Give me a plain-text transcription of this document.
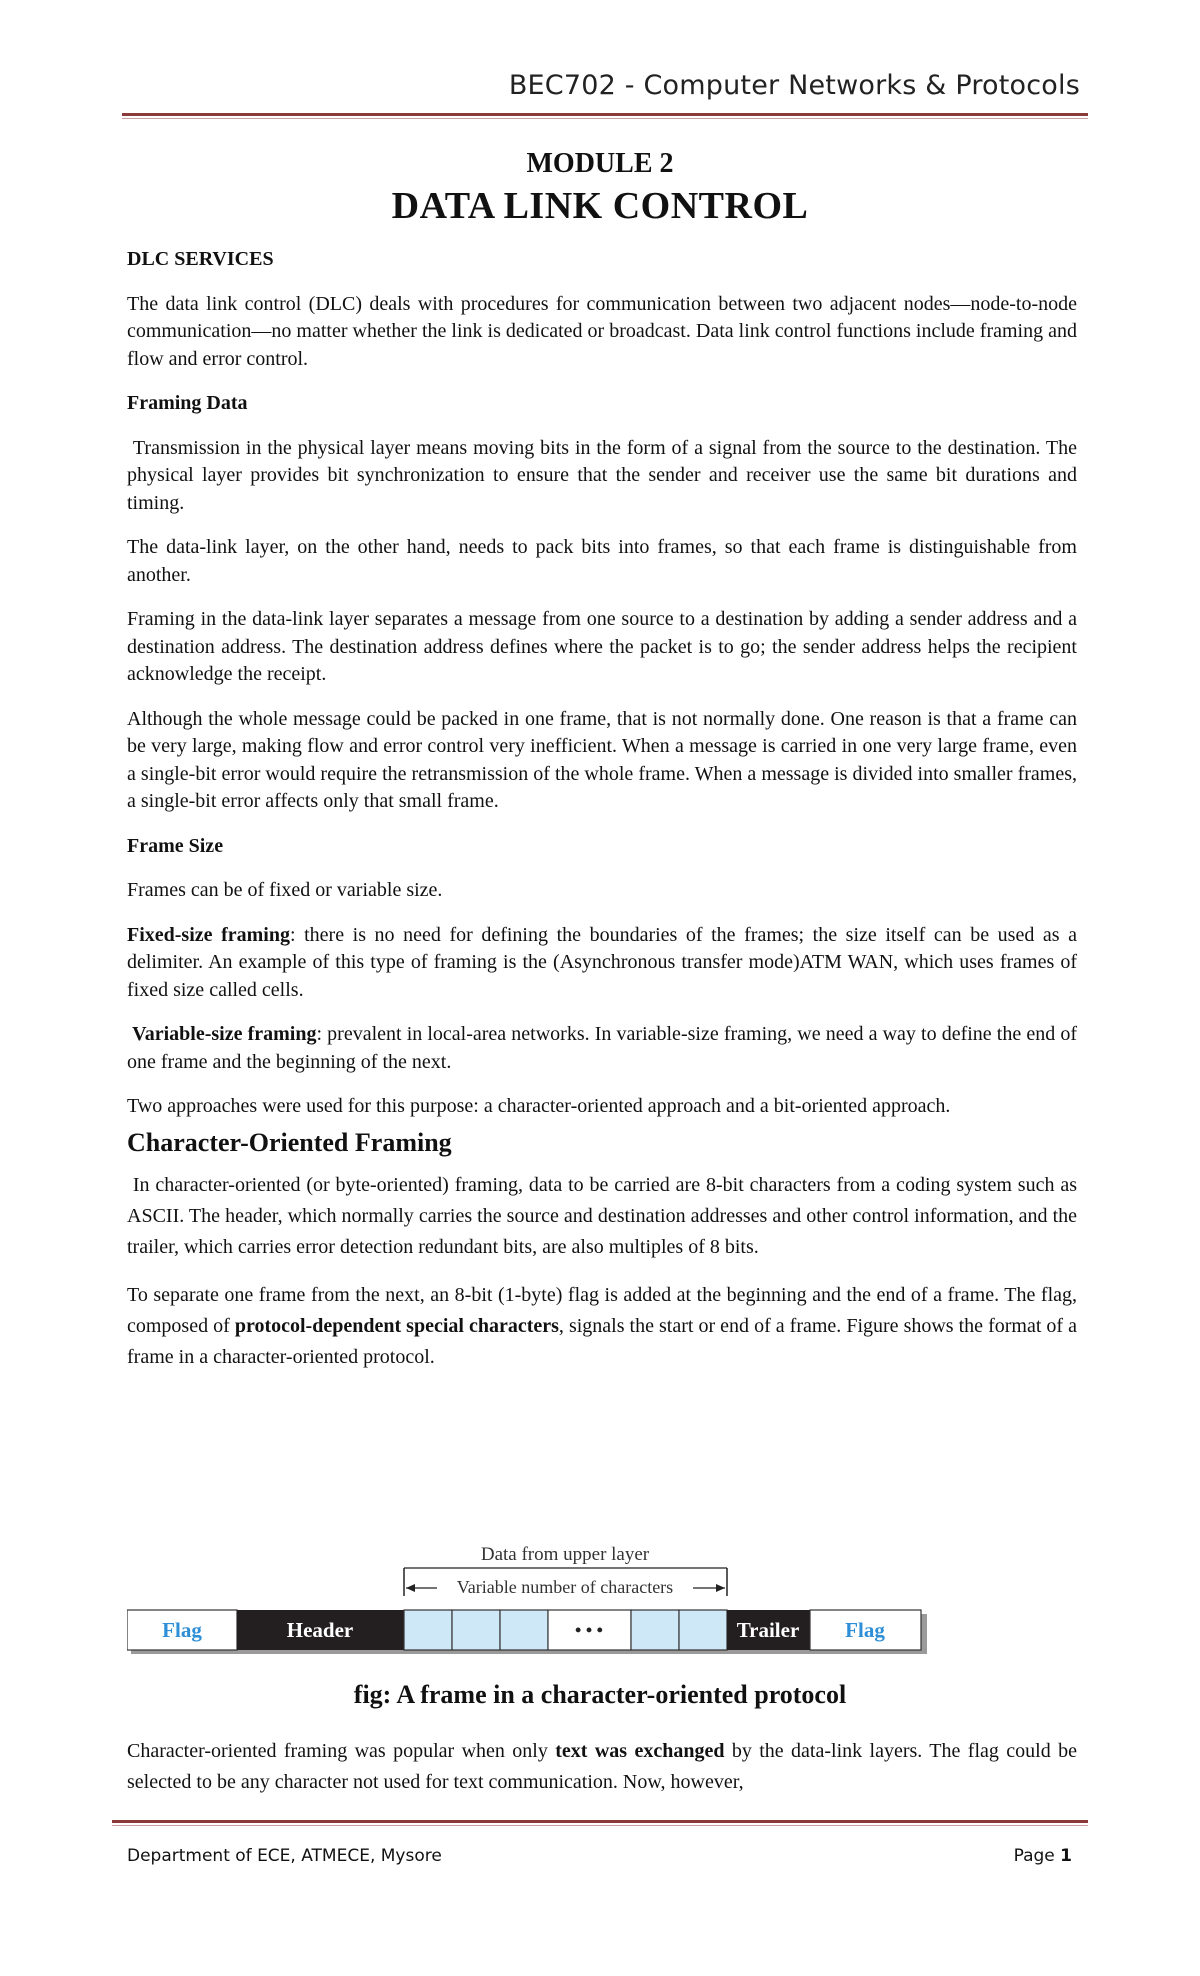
BEC702 - Computer Networks & Protocols
MODULE 2
DATA LINK CONTROL
DLC SERVICES

The data link control (DLC) deals with procedures for communication between two adjacent nodes—node-to-node communication—no matter whether the link is dedicated or broadcast. Data link control functions include framing and flow and error control.

Framing Data

Transmission in the physical layer means moving bits in the form of a signal from the source to the destination. The physical layer provides bit synchronization to ensure that the sender and receiver use the same bit durations and timing.

The data-link layer, on the other hand, needs to pack bits into frames, so that each frame is distinguishable from another.

Framing in the data-link layer separates a message from one source to a destination by adding a sender address and a destination address. The destination address defines where the packet is to go; the sender address helps the recipient acknowledge the receipt.

Although the whole message could be packed in one frame, that is not normally done. One reason is that a frame can be very large, making flow and error control very inefficient. When a message is carried in one very large frame, even a single-bit error would require the retransmission of the whole frame. When a message is divided into smaller frames, a single-bit error affects only that small frame.

Frame Size

Frames can be of fixed or variable size.

Fixed-size framing: there is no need for defining the boundaries of the frames; the size itself can be used as a delimiter. An example of this type of framing is the (Asynchronous transfer mode)ATM WAN, which uses frames of fixed size called cells.

Variable-size framing: prevalent in local-area networks. In variable-size framing, we need a way to define the end of one frame and the beginning of the next.

Two approaches were used for this purpose: a character-oriented approach and a bit-oriented approach.

Character-Oriented Framing

In character-oriented (or byte-oriented) framing, data to be carried are 8-bit characters from a coding system such as ASCII. The header, which normally carries the source and destination addresses and other control information, and the trailer, which carries error detection redundant bits, are also multiples of 8 bits.

To separate one frame from the next, an 8-bit (1-byte) flag is added at the beginning and the end of a frame. The flag, composed of protocol-dependent special characters, signals the start or end of a frame. Figure shows the format of a frame in a character-oriented protocol.

Data from upper layer
Variable number of characters
Flag	Header	• • •	Trailer Flag
fig: A frame in a character-oriented protocol

Character-oriented framing was popular when only text was exchanged by the data-link layers. The flag could be selected to be any character not used for text communication. Now, however,

Department of ECE, ATMECE, Mysore	Page 1
